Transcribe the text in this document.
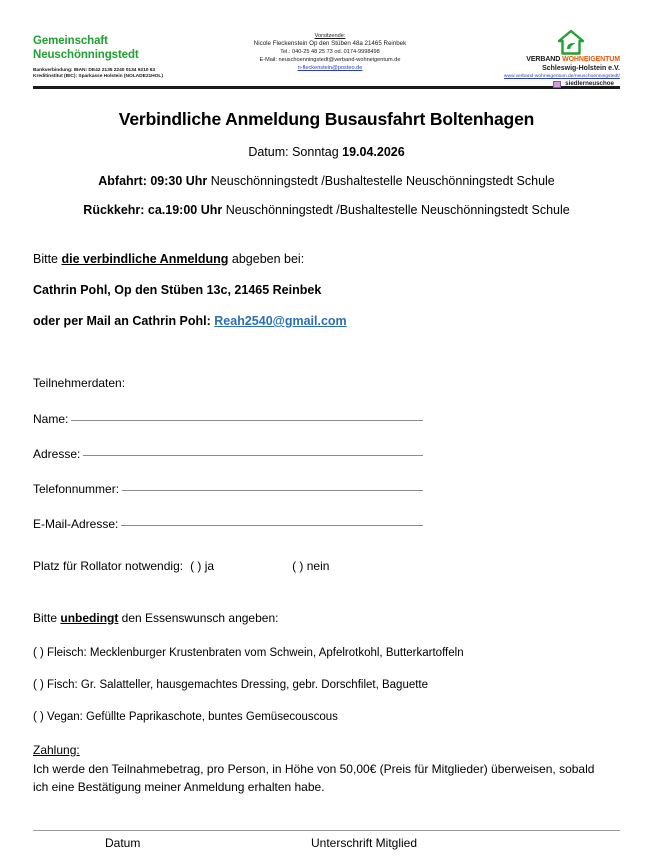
Gemeinschaft
Neuschönningstedt
Bankverbindung: IBAN: DE42 2135 2240 0134 9210 63
Kreditinstitut (BIC): Sparkasse Holstein (NOLADE21HOL)
Vorsitzende:
Nicole Fleckenstein Op den Stüben 48a 21465 Reinbek
Tel.: 040-25 48 25 73 od. 0174-9998498
E-Mail: neuschoenningstedt@verband-wohneigentum.de
n-fleckenstein@posteo.de
VERBAND WOHNEIGENTUM
Schleswig-Holstein e.V.
www.verband-wohneigentum.de/neuschoenningstedt/
siedlerneuschoe
Verbindliche Anmeldung Busausfahrt Boltenhagen
Datum: Sonntag 19.04.2026
Abfahrt: 09:30 Uhr Neuschönningstedt /Bushaltestelle Neuschönningstedt Schule
Rückkehr: ca.19:00 Uhr Neuschönningstedt /Bushaltestelle Neuschönningstedt Schule
Bitte die verbindliche Anmeldung abgeben bei:
Cathrin Pohl, Op den Stüben 13c, 21465 Reinbek
oder per Mail an Cathrin Pohl: Reah2540@gmail.com
Teilnehmerdaten:
Name:
Adresse:
Telefonnummer:
E-Mail-Adresse:
Platz für Rollator notwendig: ( ) ja	( ) nein
Bitte unbedingt den Essenswunsch angeben:
( ) Fleisch: Mecklenburger Krustenbraten vom Schwein, Apfelrotkohl, Butterkartoffeln
( ) Fisch: Gr. Salatteller, hausgemachtes Dressing, gebr. Dorschfilet, Baguette
( ) Vegan: Gefüllte Paprikaschote, buntes Gemüsecouscous
Zahlung:
Ich werde den Teilnahmebetrag, pro Person, in Höhe von 50,00€ (Preis für Mitglieder) überweisen, sobald ich eine Bestätigung meiner Anmeldung erhalten habe.
Datum	Unterschrift Mitglied
